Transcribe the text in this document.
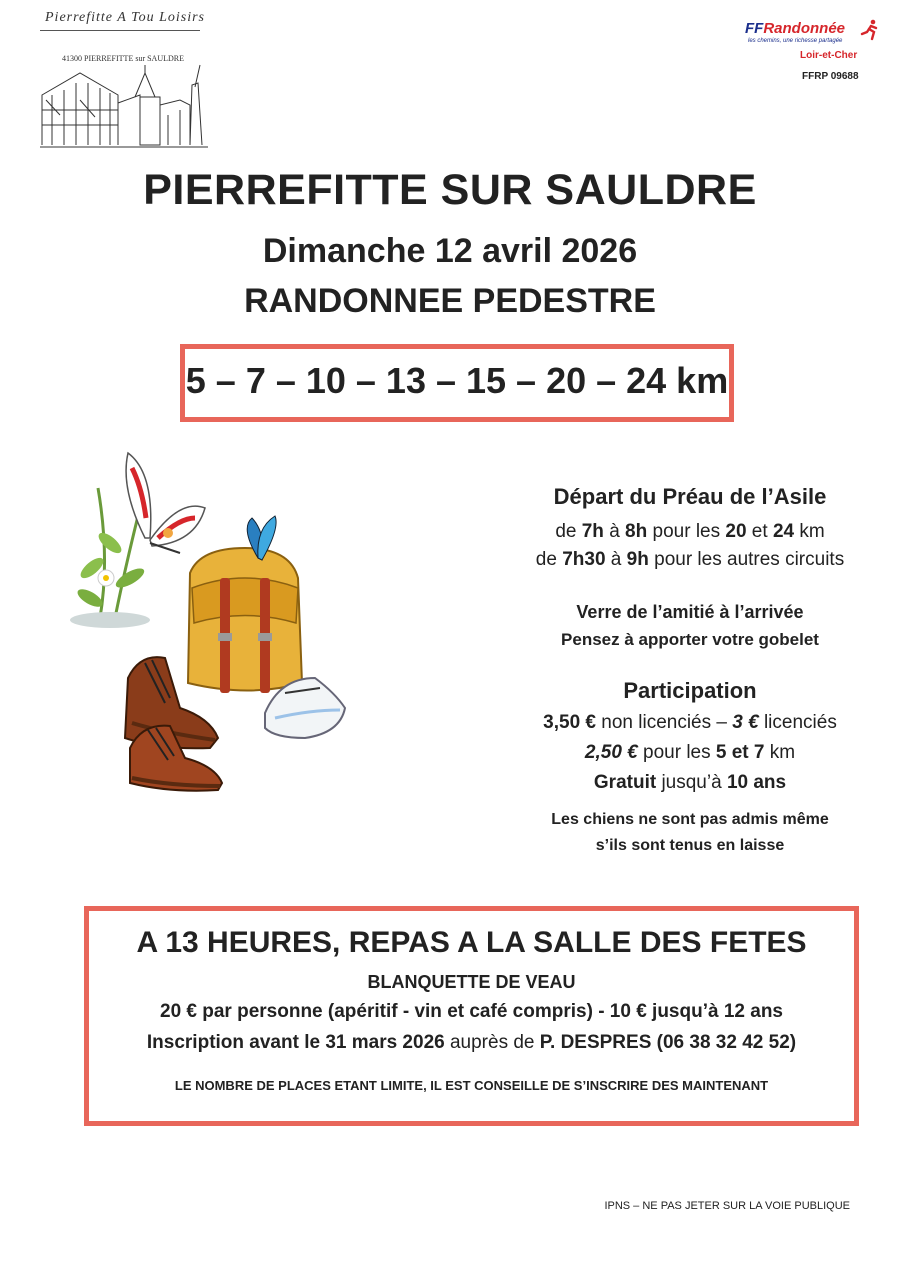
Pierrefitte A Tou Loisirs
41300 PIERREFITTE sur SAULDRE
FFRandonnée
les chemins, une richesse partagée
Loir-et-Cher
FFRP 09688
PIERREFITTE SUR SAULDRE
Dimanche 12 avril 2026
RANDONNEE PEDESTRE
5 – 7 – 10 – 13 – 15 – 20 – 24 km
Départ du Préau de l’Asile
de 7h à 8h pour les 20 et 24 km
de 7h30 à 9h pour les autres circuits
Verre de l’amitié à l’arrivée
Pensez à apporter votre gobelet
Participation
3,50 € non licenciés – 3 € licenciés
2,50 € pour les 5 et 7 km
Gratuit jusqu’à 10 ans
Les chiens ne sont pas admis même
s’ils sont tenus en laisse
A 13 HEURES, REPAS A LA SALLE DES FETES
BLANQUETTE DE VEAU
20 € par personne (apéritif - vin et café compris) - 10 € jusqu’à 12 ans
Inscription avant le 31 mars 2026 auprès de P. DESPRES (06 38 32 42 52)
LE NOMBRE DE PLACES ETANT LIMITE, IL EST CONSEILLE DE S’INSCRIRE DES MAINTENANT
IPNS – NE PAS JETER SUR LA VOIE PUBLIQUE
